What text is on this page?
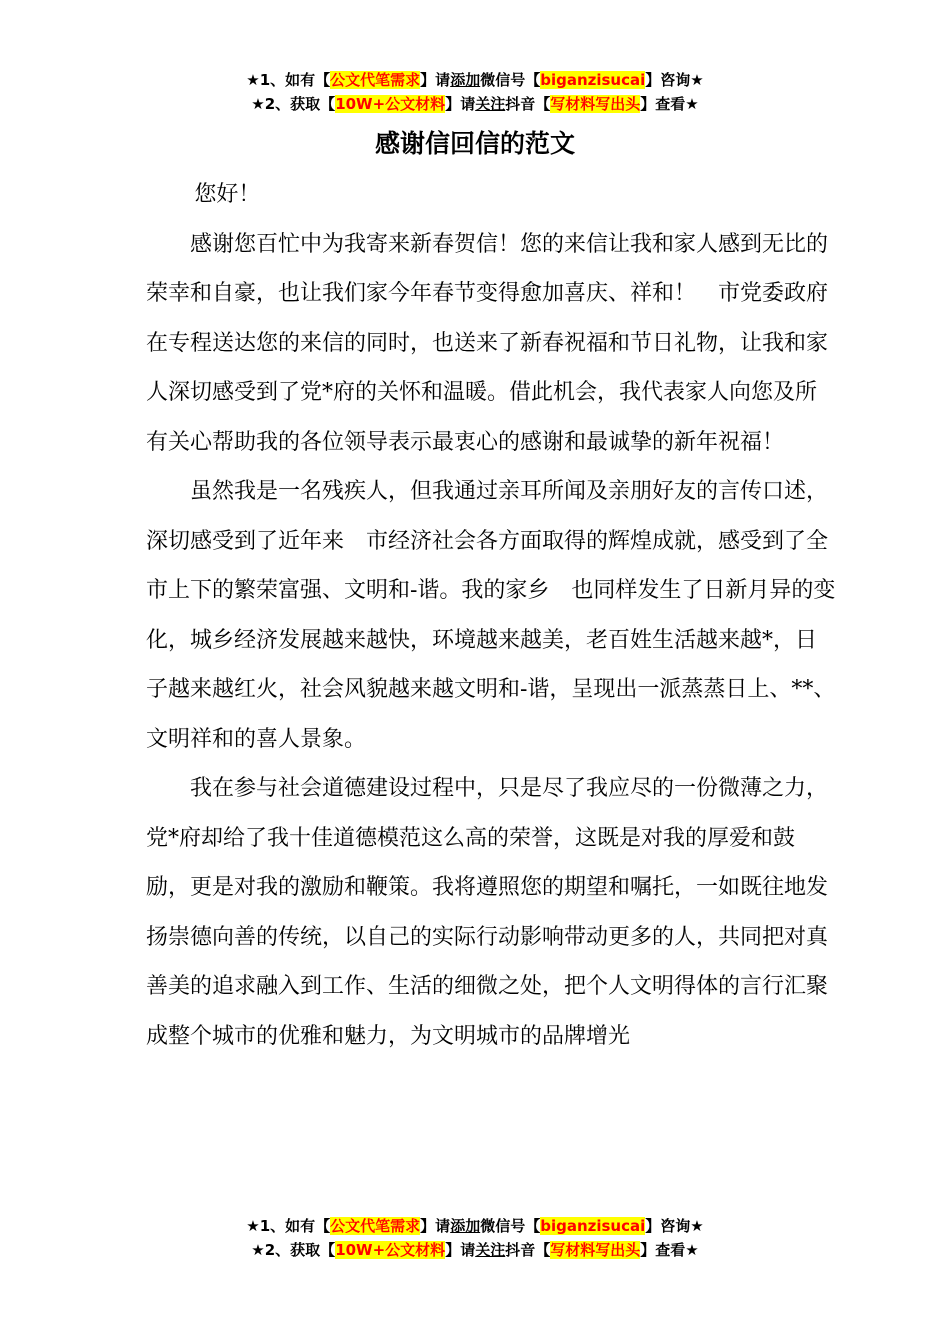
★1、如有【公文代笔需求】请添加微信号【biganzisucai】咨询★
★2、获取【10W+公文材料】请关注抖音【写材料写出头】查看★
感谢信回信的范文

您好！

感谢您百忙中为我寄来新春贺信！您的来信让我和家人感到无比的荣幸和自豪，也让我们家今年春节变得愈加喜庆、祥和！　市党委政府在专程送达您的来信的同时，也送来了新春祝福和节日礼物，让我和家人深切感受到了党*府的关怀和温暖。借此机会，我代表家人向您及所有关心帮助我的各位领导表示最衷心的感谢和最诚挚的新年祝福！

虽然我是一名残疾人，但我通过亲耳所闻及亲朋好友的言传口述，深切感受到了近年来　市经济社会各方面取得的辉煌成就，感受到了全市上下的繁荣富强、文明和-谐。我的家乡　也同样发生了日新月异的变化，城乡经济发展越来越快，环境越来越美，老百姓生活越来越*，日子越来越红火，社会风貌越来越文明和-谐，呈现出一派蒸蒸日上、**、文明祥和的喜人景象。

我在参与社会道德建设过程中，只是尽了我应尽的一份微薄之力，党*府却给了我十佳道德模范这么高的荣誉，这既是对我的厚爱和鼓励，更是对我的激励和鞭策。我将遵照您的期望和嘱托，一如既往地发扬崇德向善的传统，以自己的实际行动影响带动更多的人，共同把对真善美的追求融入到工作、生活的细微之处，把个人文明得体的言行汇聚成整个城市的优雅和魅力，为文明城市的品牌增光

★1、如有【公文代笔需求】请添加微信号【biganzisucai】咨询★
★2、获取【10W+公文材料】请关注抖音【写材料写出头】查看★
